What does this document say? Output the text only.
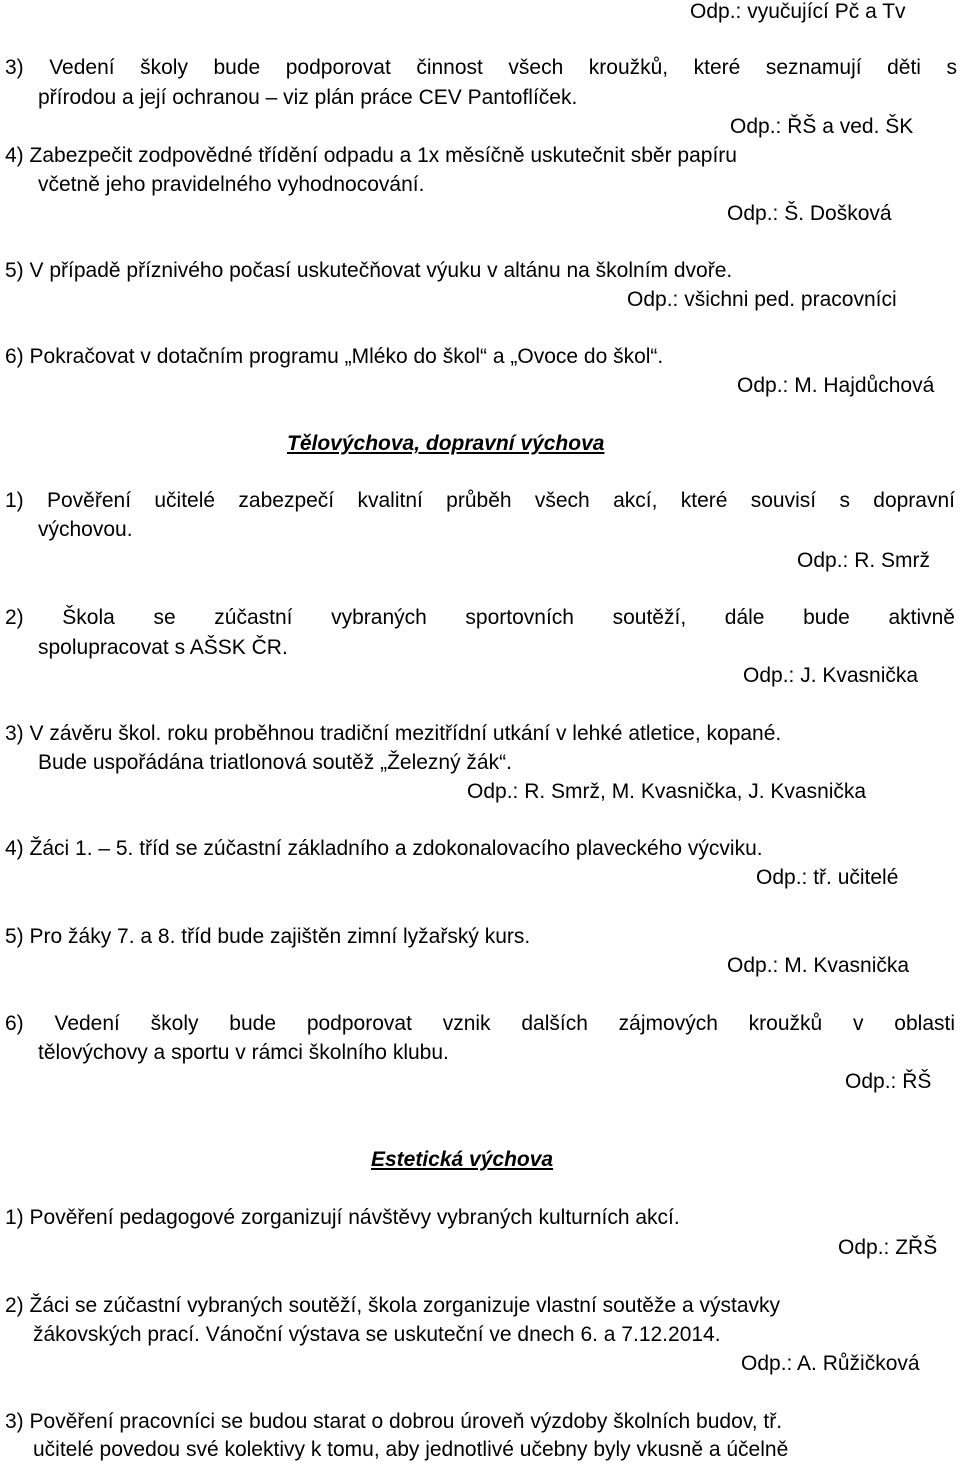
Odp.: vyučující Pč a Tv
3) Vedení školy bude podporovat činnost všech kroužků, které seznamují děti s
přírodou a její ochranou – viz plán práce CEV Pantoflíček.
Odp.: ŘŠ a ved. ŠK
4) Zabezpečit zodpovědné třídění odpadu a 1x měsíčně uskutečnit sběr papíru
včetně jeho pravidelného vyhodnocování.
Odp.: Š. Došková
5) V případě příznivého počasí uskutečňovat výuku v altánu na školním dvoře.
Odp.: všichni ped. pracovníci
6) Pokračovat v dotačním programu „Mléko do škol“ a „Ovoce do škol“.
Odp.: M. Hajdůchová
Tělovýchova, dopravní výchova
1) Pověření učitelé zabezpečí kvalitní průběh všech akcí, které souvisí s dopravní
výchovou.
Odp.: R. Smrž
2) Škola se zúčastní vybraných sportovních soutěží, dále bude aktivně
spolupracovat s AŠSK ČR.
Odp.: J. Kvasnička
3) V závěru škol. roku proběhnou tradiční mezitřídní utkání v lehké atletice, kopané.
Bude uspořádána triatlonová soutěž „Železný žák“.
Odp.: R. Smrž, M. Kvasnička, J. Kvasnička
4) Žáci 1. – 5. tříd se zúčastní základního a zdokonalovacího plaveckého výcviku.
Odp.: tř. učitelé
5) Pro žáky 7. a 8. tříd bude zajištěn zimní lyžařský kurs.
Odp.: M. Kvasnička
6) Vedení školy bude podporovat vznik dalších zájmových kroužků v oblasti
tělovýchovy a sportu v rámci školního klubu.
Odp.: ŘŠ
Estetická výchova
1) Pověření pedagogové zorganizují návštěvy vybraných kulturních akcí.
Odp.: ZŘŠ
2) Žáci se zúčastní vybraných soutěží, škola zorganizuje vlastní soutěže a výstavky
žákovských prací. Vánoční výstava se uskuteční ve dnech 6. a 7.12.2014.
Odp.: A. Růžičková
3) Pověření pracovníci se budou starat o dobrou úroveň výzdoby školních budov, tř.
učitelé povedou své kolektivy k tomu, aby jednotlivé učebny byly vkusně a účelně
